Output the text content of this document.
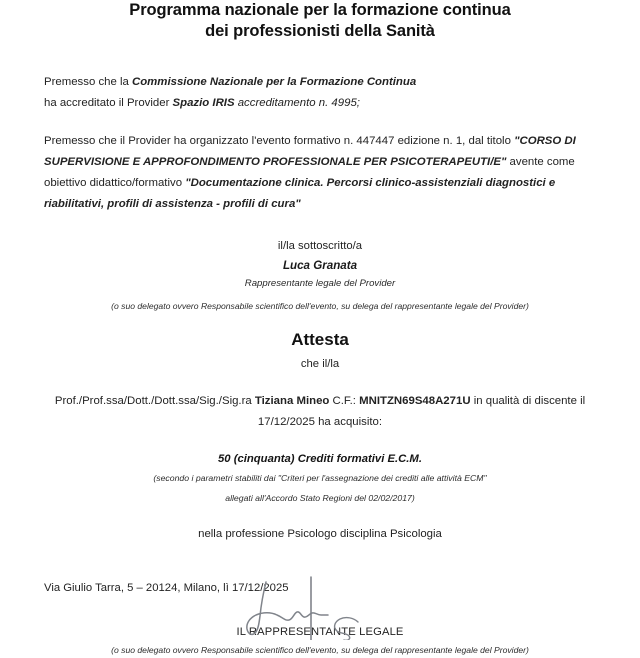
Programma nazionale per la formazione continua
dei professionisti della Sanità
Premesso che la Commissione Nazionale per la Formazione Continua
ha accreditato il Provider Spazio IRIS accreditamento n. 4995;
Premesso che il Provider ha organizzato l'evento formativo n. 447447 edizione n. 1, dal titolo "CORSO DI SUPERVISIONE E APPROFONDIMENTO PROFESSIONALE PER PSICOTERAPEUTI/E" avente come obiettivo didattico/formativo "Documentazione clinica. Percorsi clinico-assistenziali diagnostici e riabilitativi, profili di assistenza - profili di cura"
il/la sottoscritto/a
Luca Granata
Rappresentante legale del Provider
(o suo delegato ovvero Responsabile scientifico dell'evento, su delega del rappresentante legale del Provider)
Attesta
che il/la
Prof./Prof.ssa/Dott./Dott.ssa/Sig./Sig.ra Tiziana Mineo C.F.: MNITZN69S48A271U in qualità di discente il 17/12/2025 ha acquisito:
50 (cinquanta) Crediti formativi E.C.M.
(secondo i parametri stabiliti dai "Criteri per l'assegnazione dei crediti alle attività ECM"
allegati all'Accordo Stato Regioni del 02/02/2017)
nella professione Psicologo disciplina Psicologia
Via Giulio Tarra, 5 – 20124, Milano, lì 17/12/2025
IL RAPPRESENTANTE LEGALE
(o suo delegato ovvero Responsabile scientifico dell'evento, su delega del rappresentante legale del Provider)
